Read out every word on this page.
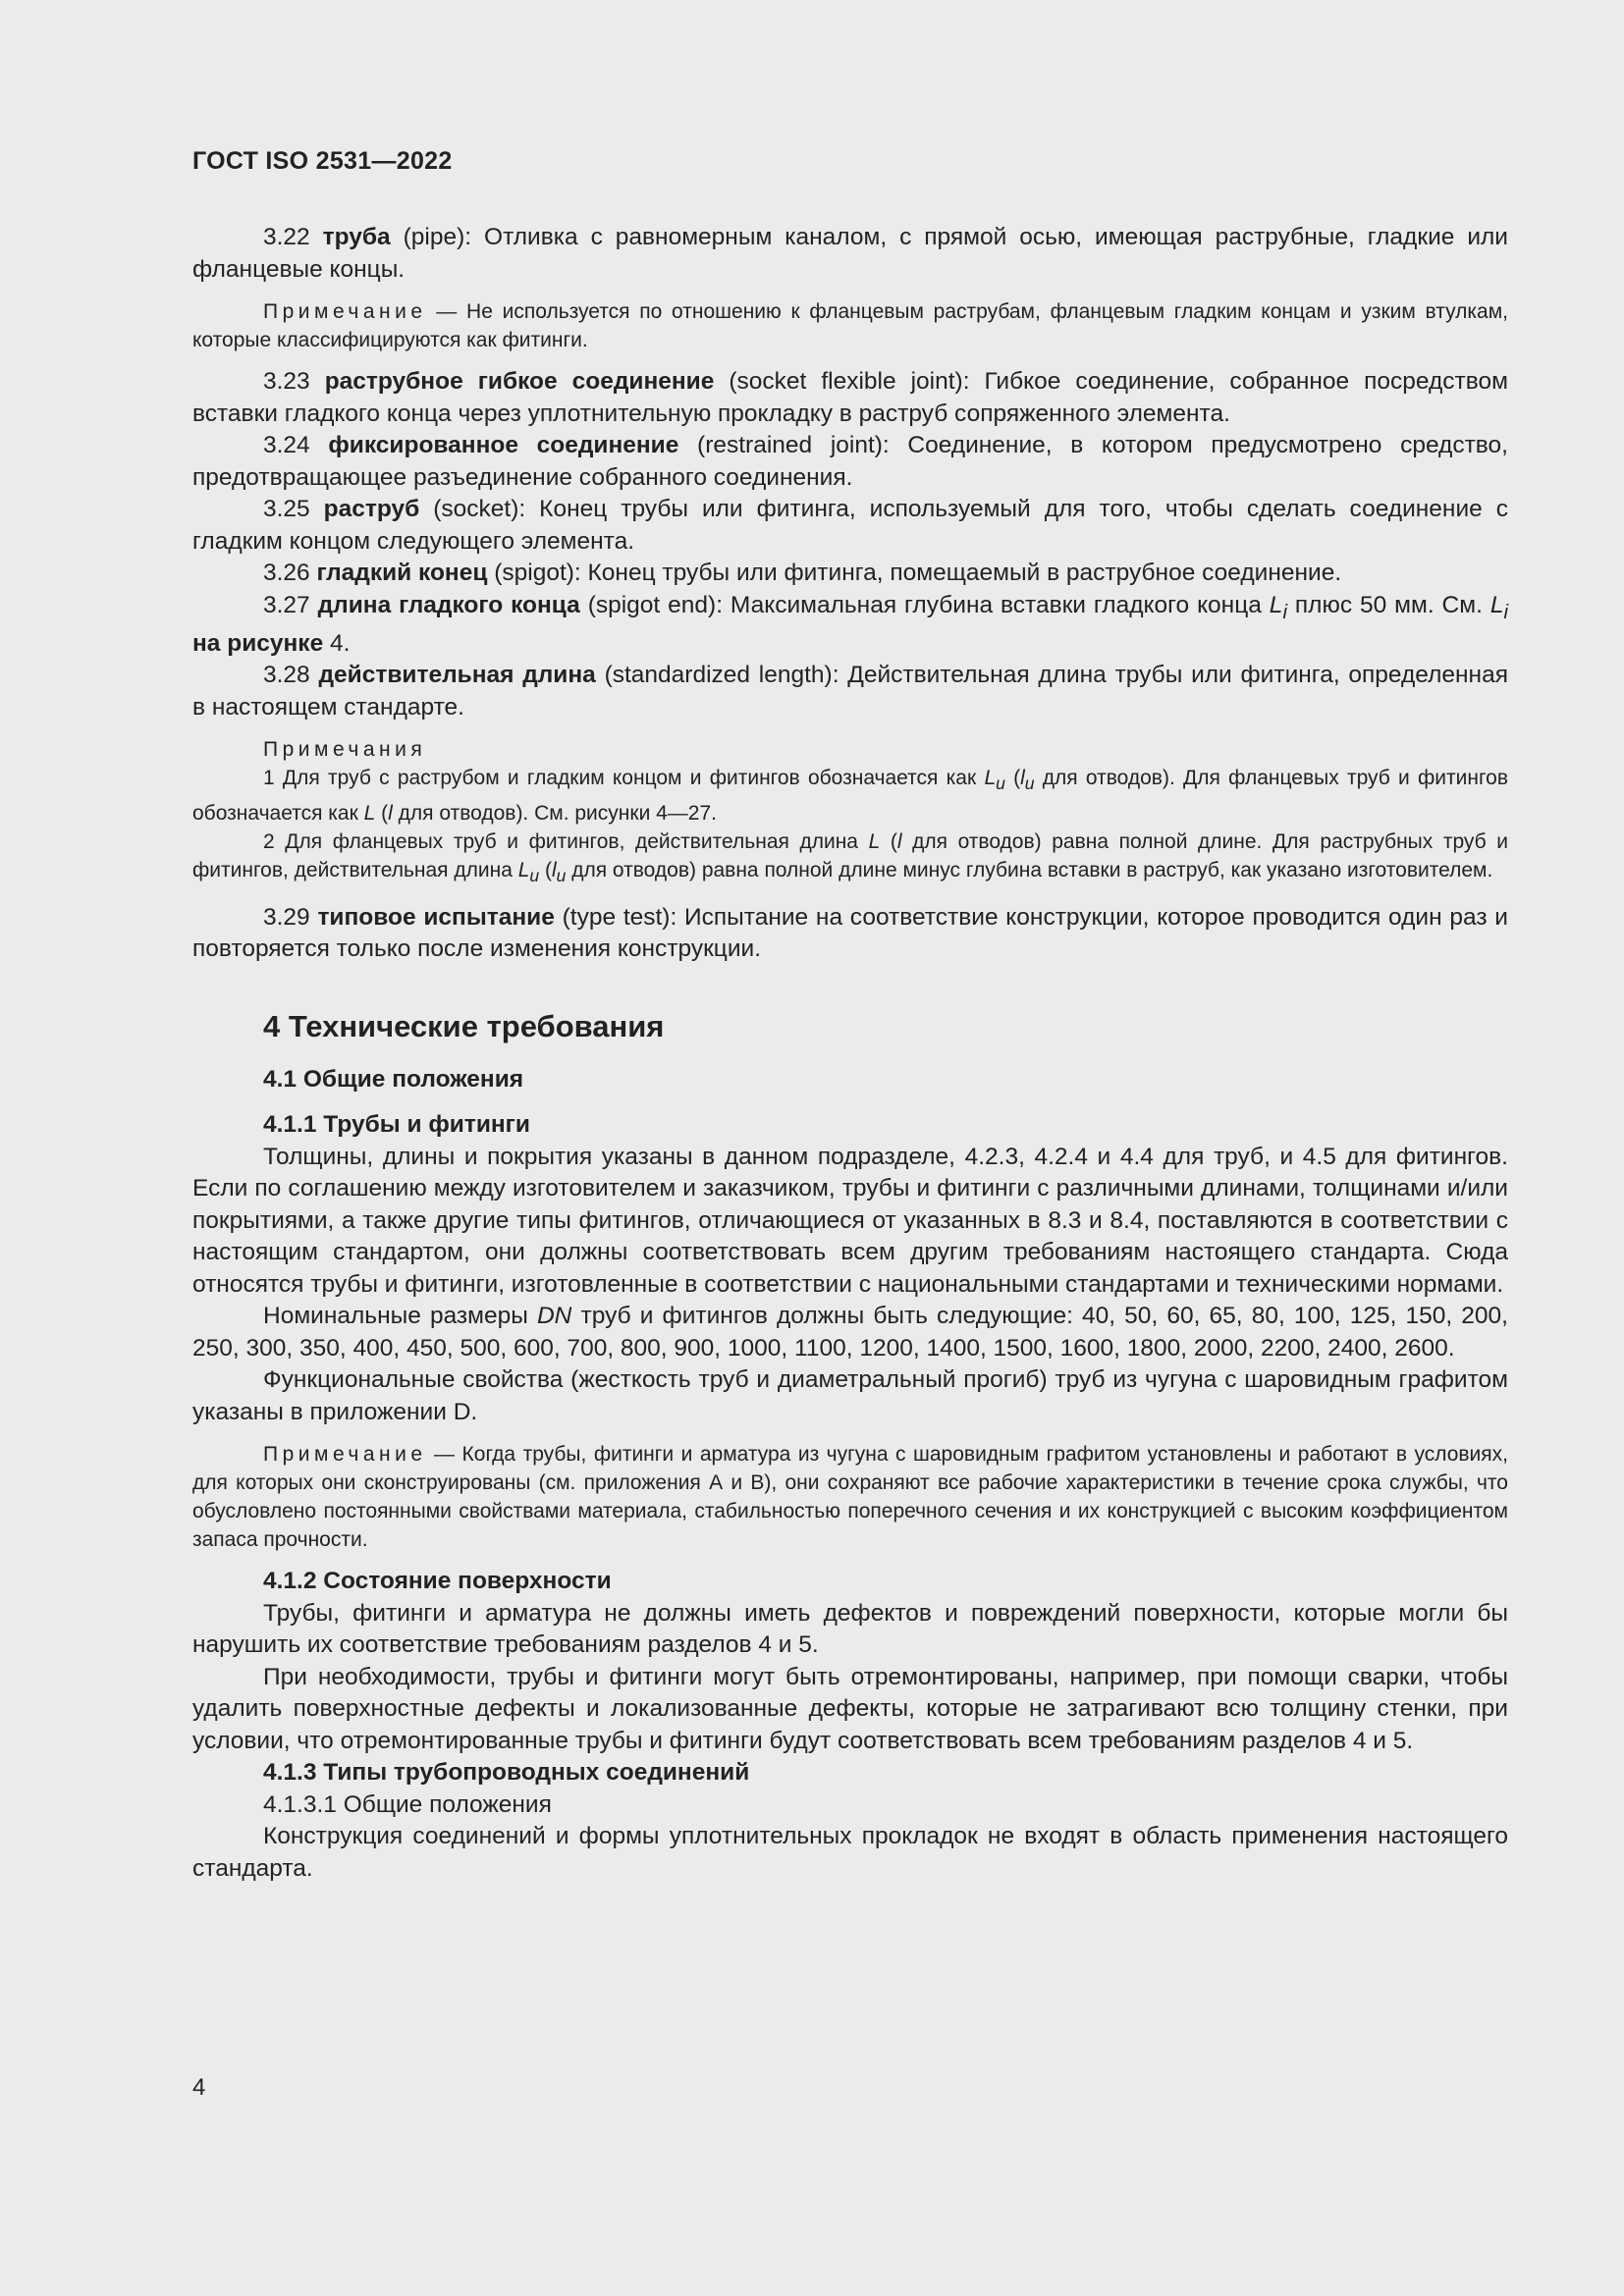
ГОСТ ISO 2531—2022

3.22 труба (pipe): Отливка с равномерным каналом, с прямой осью, имеющая раструбные, гладкие или фланцевые концы.

Примечание — Не используется по отношению к фланцевым раструбам, фланцевым гладким концам и узким втулкам, которые классифицируются как фитинги.

3.23 раструбное гибкое соединение (socket flexible joint): Гибкое соединение, собранное посредством вставки гладкого конца через уплотнительную прокладку в раструб сопряженного элемента.

3.24 фиксированное соединение (restrained joint): Соединение, в котором предусмотрено средство, предотвращающее разъединение собранного соединения.

3.25 раструб (socket): Конец трубы или фитинга, используемый для того, чтобы сделать соединение с гладким концом следующего элемента.

3.26 гладкий конец (spigot): Конец трубы или фитинга, помещаемый в раструбное соединение.

3.27 длина гладкого конца (spigot end): Максимальная глубина вставки гладкого конца $L_i$ плюс 50 мм. См. $L_i$ на рисунке 4.

3.28 действительная длина (standardized length): Действительная длина трубы или фитинга, определенная в настоящем стандарте.

Примечания

1 Для труб с раструбом и гладким концом и фитингов обозначается как $L_u$ ($l_u$ для отводов). Для фланцевых труб и фитингов обозначается как L (l для отводов). См. рисунки 4—27.

2 Для фланцевых труб и фитингов, действительная длина L (l для отводов) равна полной длине. Для раструбных труб и фитингов, действительная длина $L_u$ ($l_u$ для отводов) равна полной длине минус глубина вставки в раструб, как указано изготовителем.

3.29 типовое испытание (type test): Испытание на соответствие конструкции, которое проводится один раз и повторяется только после изменения конструкции.

4 Технические требования
4.1 Общие положения
4.1.1 Трубы и фитинги

Толщины, длины и покрытия указаны в данном подразделе, 4.2.3, 4.2.4 и 4.4 для труб, и 4.5 для фитингов. Если по соглашению между изготовителем и заказчиком, трубы и фитинги с различными длинами, толщинами и/или покрытиями, а также другие типы фитингов, отличающиеся от указанных в 8.3 и 8.4, поставляются в соответствии с настоящим стандартом, они должны соответствовать всем другим требованиям настоящего стандарта. Сюда относятся трубы и фитинги, изготовленные в соответствии с национальными стандартами и техническими нормами.

Номинальные размеры DN труб и фитингов должны быть следующие: 40, 50, 60, 65, 80, 100, 125, 150, 200, 250, 300, 350, 400, 450, 500, 600, 700, 800, 900, 1000, 1100, 1200, 1400, 1500, 1600, 1800, 2000, 2200, 2400, 2600.

Функциональные свойства (жесткость труб и диаметральный прогиб) труб из чугуна с шаровидным графитом указаны в приложении D.

Примечание — Когда трубы, фитинги и арматура из чугуна с шаровидным графитом установлены и работают в условиях, для которых они сконструированы (см. приложения А и В), они сохраняют все рабочие характеристики в течение срока службы, что обусловлено постоянными свойствами материала, стабильностью поперечного сечения и их конструкцией с высоким коэффициентом запаса прочности.

4.1.2 Состояние поверхности

Трубы, фитинги и арматура не должны иметь дефектов и повреждений поверхности, которые могли бы нарушить их соответствие требованиям разделов 4 и 5.

При необходимости, трубы и фитинги могут быть отремонтированы, например, при помощи сварки, чтобы удалить поверхностные дефекты и локализованные дефекты, которые не затрагивают всю толщину стенки, при условии, что отремонтированные трубы и фитинги будут соответствовать всем требованиям разделов 4 и 5.

4.1.3 Типы трубопроводных соединений

4.1.3.1 Общие положения

Конструкция соединений и формы уплотнительных прокладок не входят в область применения настоящего стандарта.

4
